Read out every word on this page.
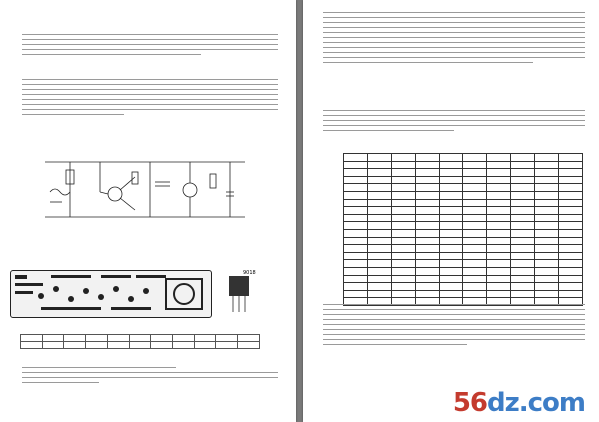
9018

56dz.com
